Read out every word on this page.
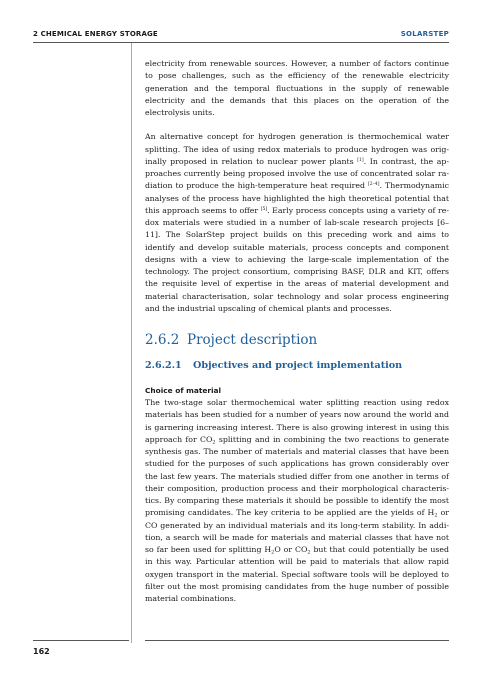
2 CHEMICAL ENERGY STORAGE	SOLARSTEP

electricity from renewable sources. However, a number of factors continue to pose challenges, such as the efficiency of the renewable electricity generation and the temporal fluctuations in the supply of renewable electricity and the demands that this places on the operation of the electrolysis units.

An alternative concept for hydrogen generation is thermochemical water splitting. The idea of using redox materials to produce hydrogen was originally proposed in relation to nuclear power plants [1]. In contrast, the approaches currently being proposed involve the use of concentrated solar radiation to produce the high-temperature heat required [2–4]. Thermodynamic analyses of the process have highlighted the high theoretical potential that this approach seems to offer [5]. Early process concepts using a variety of redox materials were studied in a number of lab-scale research projects [6–11]. The SolarStep project builds on this preceding work and aims to identify and develop suitable materials, process concepts and component designs with a view to achieving the large-scale implementation of the technology. The project consortium, comprising BASF, DLR and KIT, offers the requisite level of expertise in the areas of material development and material characterisation, solar technology and solar process engineering and the industrial upscaling of chemical plants and processes.

2.6.2 Project description
2.6.2.1 Objectives and project implementation
Choice of material

The two-stage solar thermochemical water splitting reaction using redox materials has been studied for a number of years now around the world and is garnering increasing interest. There is also growing interest in using this approach for $CO_2$ splitting and in combining the two reactions to generate synthesis gas. The number of materials and material classes that have been studied for the purposes of such applications has grown considerably over the last few years. The materials studied differ from one another in terms of their composition, production process and their morphological characteristics. By comparing these materials it should be possible to identify the most promising candidates. The key criteria to be applied are the yields of $H_2$ or CO generated by an individual materials and its long-term stability. In addition, a search will be made for materials and material classes that have not so far been used for splitting $H_2O$ or $CO_2$ but that could potentially be used in this way. Particular attention will be paid to materials that allow rapid oxygen transport in the material. Special software tools will be deployed to filter out the most promising candidates from the huge number of possible material combinations.

162
